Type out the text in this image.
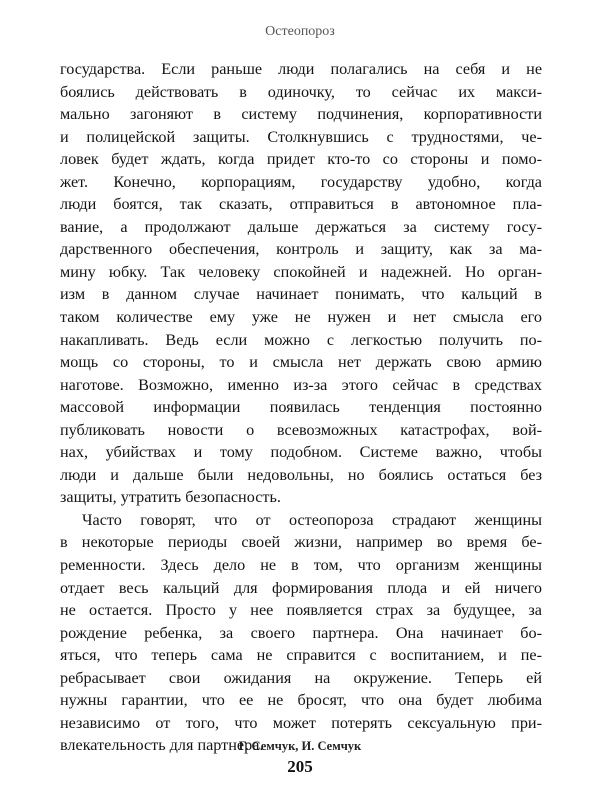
Остеопороз

государства. Если раньше люди полагались на себя и не
боялись действовать в одиночку, то сейчас их макси-
мально загоняют в систему подчинения, корпоративности
и полицейской защиты. Столкнувшись с трудностями, че-
ловек будет ждать, когда придет кто-то со стороны и помо-
жет. Конечно, корпорациям, государству удобно, когда
люди боятся, так сказать, отправиться в автономное пла-
вание, а продолжают дальше держаться за систему госу-
дарственного обеспечения, контроль и защиту, как за ма-
мину юбку. Так человеку спокойней и надежней. Но орган-
изм в данном случае начинает понимать, что кальций в
таком количестве ему уже не нужен и нет смысла его
накапливать. Ведь если можно с легкостью получить по-
мощь со стороны, то и смысла нет держать свою армию
наготове. Возможно, именно из-за этого сейчас в средствах
массовой информации появилась тенденция постоянно
публиковать новости о всевозможных катастрофах, вой-
нах, убийствах и тому подобном. Системе важно, чтобы
люди и дальше были недовольны, но боялись остаться без
защиты, утратить безопасность.

Часто говорят, что от остеопороза страдают женщины
в некоторые периоды своей жизни, например во время бе-
ременности. Здесь дело не в том, что организм женщины
отдает весь кальций для формирования плода и ей ничего
не остается. Просто у нее появляется страх за будущее, за
рождение ребенка, за своего партнера. Она начинает бо-
яться, что теперь сама не справится с воспитанием, и пе-
ребрасывает свои ожидания на окружение. Теперь ей
нужны гарантии, что ее не бросят, что она будет любима
независимо от того, что может потерять сексуальную при-
влекательность для партнера.

Г. Семчук, И. Семчук
205
